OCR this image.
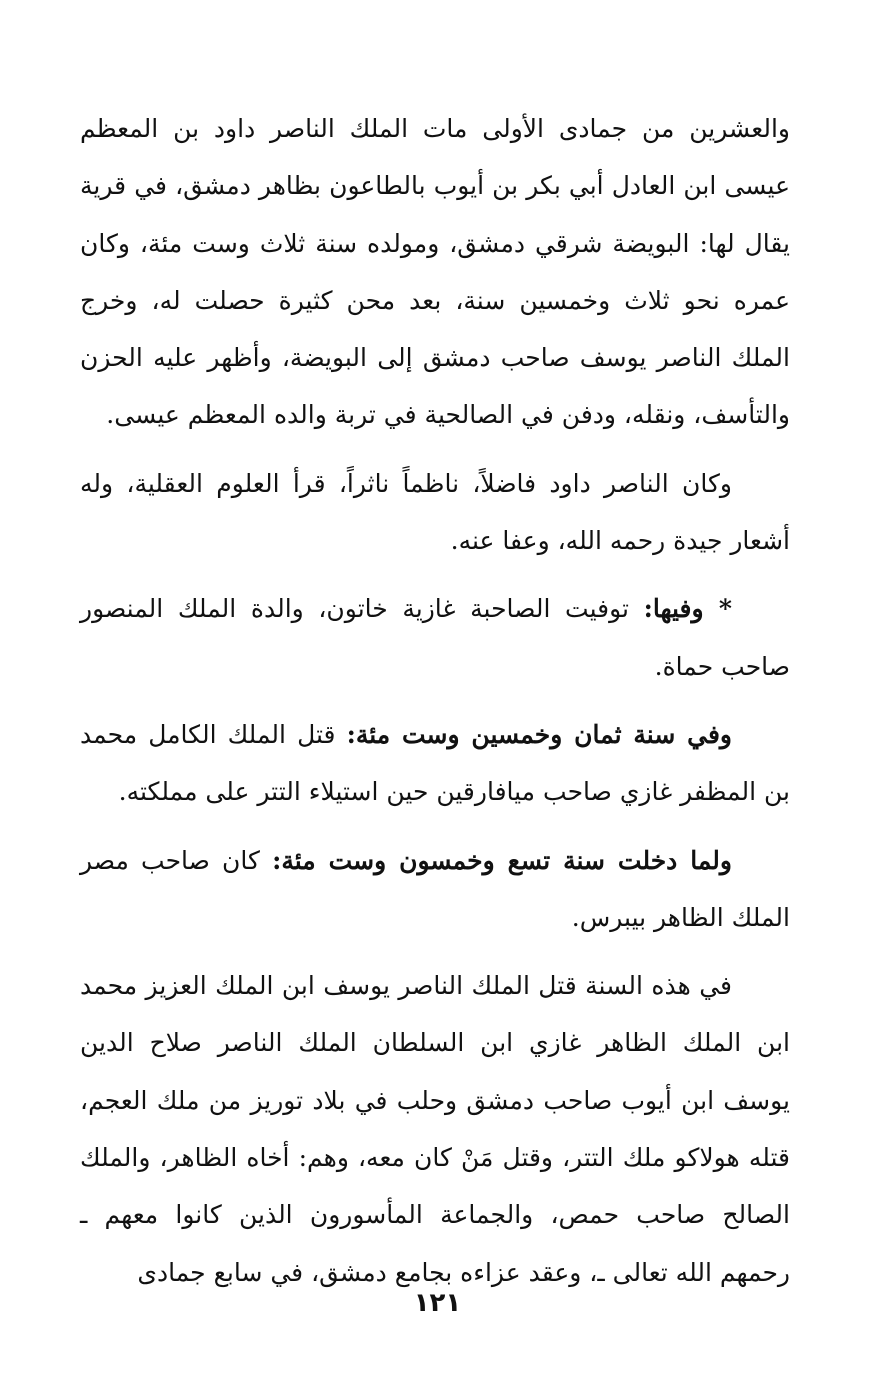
والعشرين من جمادى الأولى مات الملك الناصر داود بن المعظم عيسى ابن العادل أبي بكر بن أيوب بالطاعون بظاهر دمشق، في قرية يقال لها: البويضة شرقي دمشق، ومولده سنة ثلاث وست مئة، وكان عمره نحو ثلاث وخمسين سنة، بعد محن كثيرة حصلت له، وخرج الملك الناصر يوسف صاحب دمشق إلى البويضة، وأظهر عليه الحزن والتأسف، ونقله، ودفن في الصالحية في تربة والده المعظم عيسى.

وكان الناصر داود فاضلاً، ناظماً ناثراً، قرأ العلوم العقلية، وله أشعار جيدة رحمه الله، وعفا عنه.

* وفيها: توفيت الصاحبة غازية خاتون، والدة الملك المنصور صاحب حماة.

وفي سنة ثمان وخمسين وست مئة: قتل الملك الكامل محمد بن المظفر غازي صاحب ميافارقين حين استيلاء التتر على مملكته.

ولما دخلت سنة تسع وخمسون وست مئة: كان صاحب مصر الملك الظاهر بيبرس.

في هذه السنة قتل الملك الناصر يوسف ابن الملك العزيز محمد ابن الملك الظاهر غازي ابن السلطان الملك الناصر صلاح الدين يوسف ابن أيوب صاحب دمشق وحلب في بلاد توريز من ملك العجم، قتله هولاكو ملك التتر، وقتل مَنْ كان معه، وهم: أخاه الظاهر، والملك الصالح صاحب حمص، والجماعة المأسورون الذين كانوا معهم ـ رحمهم الله تعالى ـ، وعقد عزاءه بجامع دمشق، في سابع جمادى

١٢١
